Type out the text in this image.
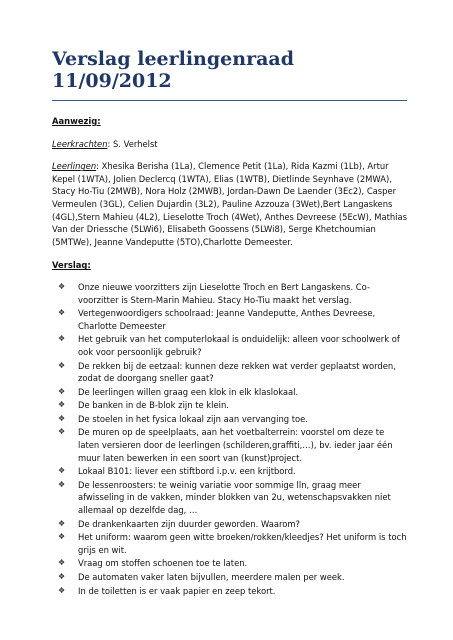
Verslag leerlingenraad 11/09/2012

Aanwezig:

Leerkrachten: S. Verhelst

Leerlingen: Xhesika Berisha (1La), Clemence Petit (1La), Rida Kazmi (1Lb), Artur Kepel (1WTA), Jolien Declercq (1WTA), Elias (1WTB), Dietlinde Seynhave (2MWA), Stacy Ho-Tiu (2MWB), Nora Holz (2MWB), Jordan-Dawn De Laender (3Ec2), Casper Vermeulen (3GL), Celien Dujardin (3L2), Pauline Azzouza (3Wet),Bert Langaskens (4GL),Stern Mahieu (4L2), Lieselotte Troch (4Wet), Anthes Devreese (5EcW), Mathias Van der Driessche (5LWi6), Elisabeth Goossens (5LWi8), Serge Khetchoumian (5MTWe), Jeanne Vandeputte (5TO),Charlotte Demeester.

Verslag:

❖ Onze nieuwe voorzitters zijn Lieselotte Troch en Bert Langaskens. Co-voorzitter is Stern-Marin Mahieu. Stacy Ho-Tiu maakt het verslag.
❖ Vertegenwoordigers schoolraad: Jeanne Vandeputte, Anthes Devreese, Charlotte Demeester
❖ Het gebruik van het computerlokaal is onduidelijk: alleen voor schoolwerk of ook voor persoonlijk gebruik?
❖ De rekken bij de eetzaal: kunnen deze rekken wat verder geplaatst worden, zodat de doorgang sneller gaat?
❖ De leerlingen willen graag een klok in elk klaslokaal.
❖ De banken in de B-blok zijn te klein.
❖ De stoelen in het fysica lokaal zijn aan vervanging toe.
❖ De muren op de speelplaats, aan het voetbalterrein: voorstel om deze te laten versieren door de leerlingen (schilderen,graffiti,…), bv. ieder jaar één muur laten bewerken in een soort van (kunst)project.
❖ Lokaal B101: liever een stiftbord i.p.v. een krijtbord.
❖ De lessenroosters: te weinig variatie voor sommige lln, graag meer afwisseling in de vakken, minder blokken van 2u, wetenschapsvakken niet allemaal op dezelfde dag, …
❖ De drankenkaarten zijn duurder geworden. Waarom?
❖ Het uniform: waarom geen witte broeken/rokken/kleedjes? Het uniform is toch grijs en wit.
❖ Vraag om stoffen schoenen toe te laten.
❖ De automaten vaker laten bijvullen, meerdere malen per week.
❖ In de toiletten is er vaak papier en zeep tekort.
